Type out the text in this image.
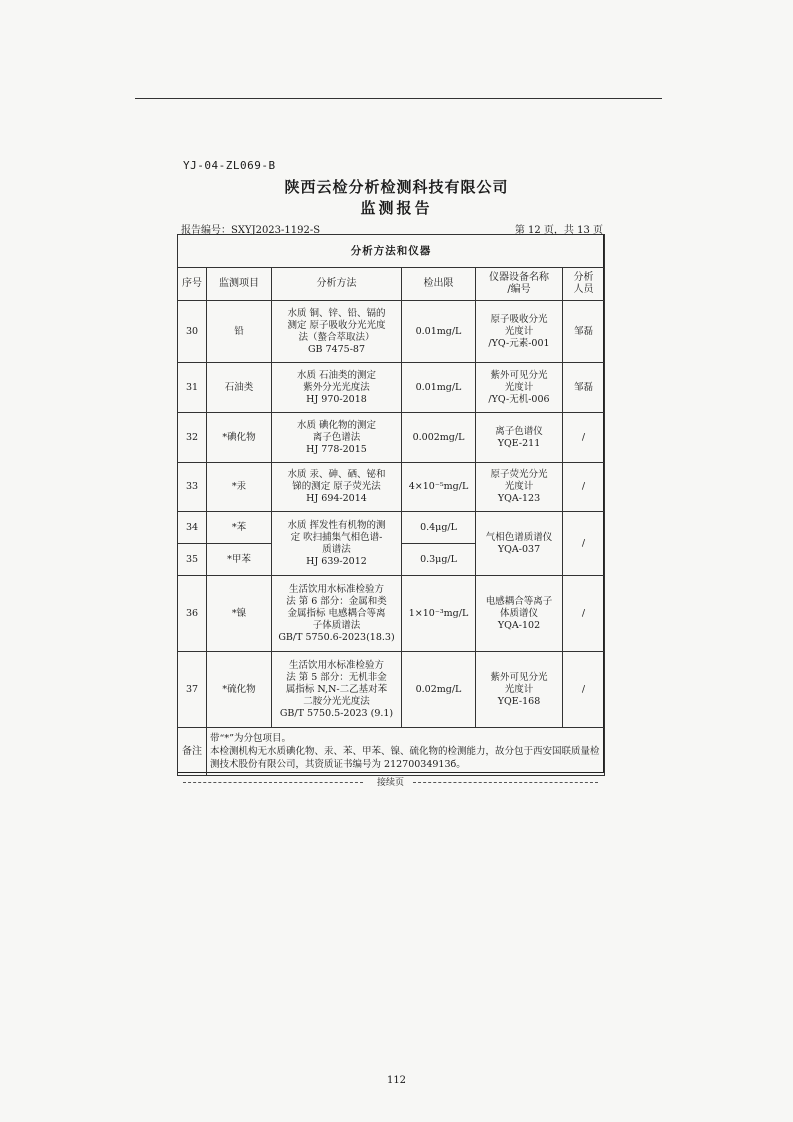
YJ-04-ZL069-B
陕西云检分析检测科技有限公司
监测报告
报告编号：SXYJ2023-1192-S	第 12 页，共 13 页
分析方法和仪器					
序号	监测项目	分析方法	检出限	仪器设备名称
/编号	分析
人员
30	铅	水质 铜、锌、铅、镉的
测定 原子吸收分光光度
法（螯合萃取法）
GB 7475-87	0.01mg/L	原子吸收分光
光度计
/YQ-元素-001	邹磊
31	石油类	水质 石油类的测定
紫外分光光度法
HJ 970-2018	0.01mg/L	紫外可见分光
光度计
/YQ-无机-006	邹磊
32	*碘化物	水质 碘化物的测定
离子色谱法
HJ 778-2015	0.002mg/L	离子色谱仪
YQE-211	/
33	*汞	水质 汞、砷、硒、铋和
锑的测定 原子荧光法
HJ 694-2014	4×10⁻⁵mg/L	原子荧光分光
光度计
YQA-123	/
34	*苯	水质 挥发性有机物的测
定 吹扫捕集气相色谱-
质谱法
HJ 639-2012	0.4μg/L	气相色谱质谱仪
YQA-037	/
35	*甲苯		0.3μg/L		
36	*镍	生活饮用水标准检验方
法 第 6 部分：金属和类
金属指标 电感耦合等离
子体质谱法
GB/T 5750.6-2023(18.3)	1×10⁻³mg/L	电感耦合等离子
体质谱仪
YQA-102	/
37	*硫化物	生活饮用水标准检验方
法 第 5 部分：无机非金
属指标 N,N-二乙基对苯
二胺分光光度法
GB/T 5750.5-2023 (9.1)	0.02mg/L	紫外可见分光
光度计
YQE-168	/
备注	带“*”为分包项目。
本检测机构无水质碘化物、汞、苯、甲苯、镍、硫化物的检测能力，故分包于西安国联质量检测技术股份有限公司，其资质证书编号为 21270034913б。				
接续页
112
